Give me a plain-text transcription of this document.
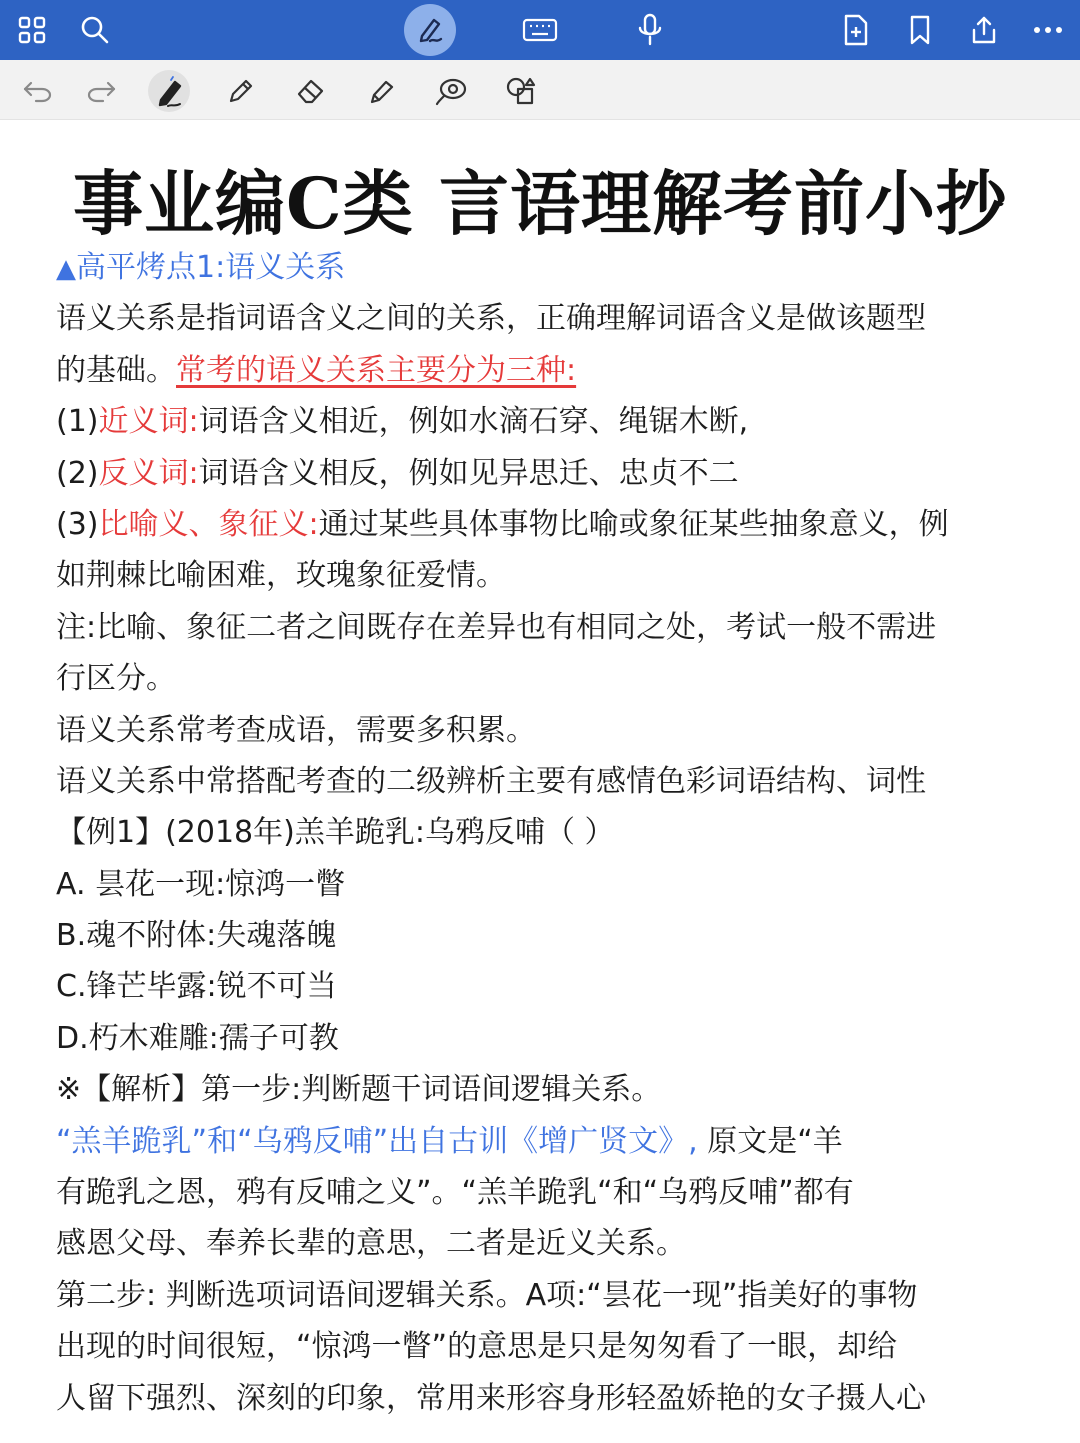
事业编C类 言语理解考前小抄
▲高平烤点1:语义关系
语义关系是指词语含义之间的关系，正确理解词语含义是做该题型
的基础。常考的语义关系主要分为三种:
(1)近义词:词语含义相近，例如水滴石穿、绳锯木断,
(2)反义词:词语含义相反，例如见异思迁、忠贞不二
(3)比喻义、象征义:通过某些具体事物比喻或象征某些抽象意义，例
如荆棘比喻困难，玫瑰象征爱情。
注:比喻、象征二者之间既存在差异也有相同之处，考试一般不需进
行区分。
语义关系常考查成语，需要多积累。
语义关系中常搭配考查的二级辨析主要有感情色彩词语结构、词性
【例1】(2018年)羔羊跪乳:乌鸦反哺（ ）
A. 昙花一现:惊鸿一瞥
B.魂不附体:失魂落魄
C.锋芒毕露:锐不可当
D.朽木难雕:孺子可教
※【解析】第一步:判断题干词语间逻辑关系。
“羔羊跪乳”和“乌鸦反哺”出自古训《增广贤文》, 原文是“羊
有跪乳之恩，鸦有反哺之义”。“羔羊跪乳“和“乌鸦反哺”都有
感恩父母、奉养长辈的意思，二者是近义关系。
第二步: 判断选项词语间逻辑关系。A项:“昙花一现”指美好的事物
出现的时间很短，“惊鸿一瞥”的意思是只是匆匆看了一眼，却给
人留下强烈、深刻的印象，常用来形容身形轻盈娇艳的女子摄人心
